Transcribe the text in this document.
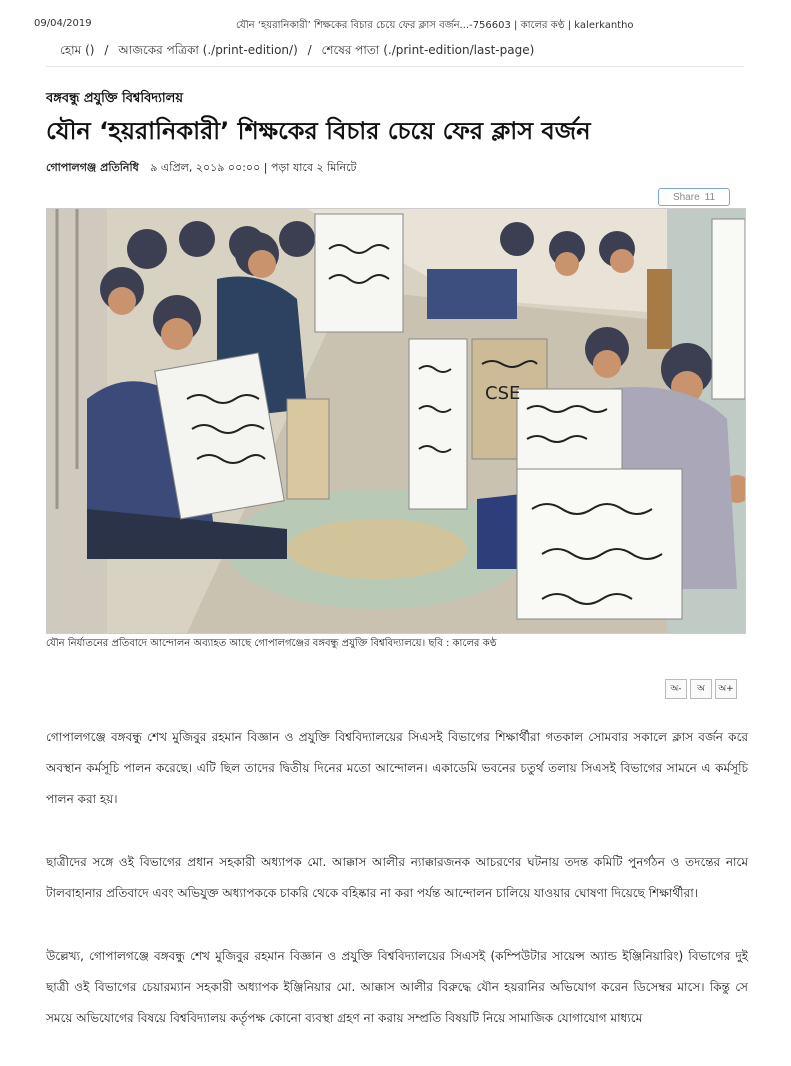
09/04/2019	যৌন ‘হয়রানিকারী’ শিক্ষকের বিচার চেয়ে ফের ক্লাস বর্জন...-756603 | কালের কণ্ঠ | kalerkantho
হোম () / আজকের পত্রিকা (./print-edition/) / শেষের পাতা (./print-edition/last-page)
বঙ্গবন্ধু প্রযুক্তি বিশ্ববিদ্যালয়
যৌন ‘হয়রানিকারী’ শিক্ষকের বিচার চেয়ে ফের ক্লাস বর্জন
গোপালগঞ্জ প্রতিনিধি ৯ এপ্রিল, ২০১৯ ০০:০০ | পড়া যাবে ২ মিনিটে
Share 11
CSE
যৌন নির্যাতনের প্রতিবাদে আন্দোলন অব্যাহত আছে গোপালগঞ্জের বঙ্গবন্ধু প্রযুক্তি বিশ্ববিদ্যালয়ে। ছবি : কালের কণ্ঠ
অ- অ অ+

গোপালগঞ্জে বঙ্গবন্ধু শেখ মুজিবুর রহমান বিজ্ঞান ও প্রযুক্তি বিশ্ববিদ্যালয়ের সিএসই বিভাগের শিক্ষার্থীরা গতকাল সোমবার সকালে ক্লাস বর্জন করে অবস্থান কর্মসূচি পালন করেছে। এটি ছিল তাদের দ্বিতীয় দিনের মতো আন্দোলন। একাডেমি ভবনের চতুর্থ তলায় সিএসই বিভাগের সামনে এ কর্মসূচি পালন করা হয়।

ছাত্রীদের সঙ্গে ওই বিভাগের প্রধান সহকারী অধ্যাপক মো. আক্কাস আলীর ন্যাক্কারজনক আচরণের ঘটনায় তদন্ত কমিটি পুনর্গঠন ও তদন্তের নামে টালবাহানার প্রতিবাদে এবং অভিযুক্ত অধ্যাপককে চাকরি থেকে বহিষ্কার না করা পর্যন্ত আন্দোলন চালিয়ে যাওয়ার ঘোষণা দিয়েছে শিক্ষার্থীরা।

উল্লেখ্য, গোপালগঞ্জে বঙ্গবন্ধু শেখ মুজিবুর রহমান বিজ্ঞান ও প্রযুক্তি বিশ্ববিদ্যালয়ের সিএসই (কম্পিউটার সায়েন্স অ্যান্ড ইঞ্জিনিয়ারিং) বিভাগের দুই ছাত্রী ওই বিভাগের চেয়ারম্যান সহকারী অধ্যাপক ইঞ্জিনিয়ার মো. আক্কাস আলীর বিরুদ্ধে যৌন হয়রানির অভিযোগ করেন ডিসেম্বর মাসে। কিন্তু সে সময়ে অভিযোগের বিষয়ে বিশ্ববিদ্যালয় কর্তৃপক্ষ কোনো ব্যবস্থা গ্রহণ না করায় সম্প্রতি বিষয়টি নিয়ে সামাজিক যোগাযোগ মাধ্যমে
